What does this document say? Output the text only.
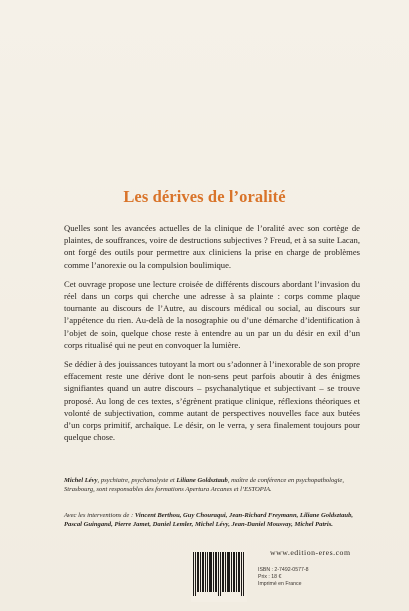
Les dérives de l’oralité

Quelles sont les avancées actuelles de la clinique de l’oralité avec son cortège de plaintes, de souffrances, voire de destructions subjectives ? Freud, et à sa suite Lacan, ont forgé des outils pour permettre aux cliniciens la prise en charge de problèmes comme l’anorexie ou la compulsion boulimique.

Cet ouvrage propose une lecture croisée de différents discours abordant l’invasion du réel dans un corps qui cherche une adresse à sa plainte : corps comme plaque tournante au discours de l’Autre, au discours médical ou social, au discours sur l’appétence du rien. Au-delà de la nosographie ou d’une démarche d’identification à l’objet de soin, quelque chose reste à entendre au un par un du désir en exil d’un corps ritualisé qui ne peut en convoquer la lumière.

Se dédier à des jouissances tutoyant la mort ou s’adonner à l’inexorable de son propre effacement reste une dérive dont le non-sens peut parfois aboutir à des énigmes signifiantes quand un autre discours – psychanalytique et subjectivant – se trouve proposé. Au long de ces textes, s’égrènent pratique clinique, réflexions théoriques et volonté de subjectivation, comme autant de perspectives nouvelles face aux butées d’un corps primitif, archaïque. Le désir, on le verra, y sera finalement toujours pour quelque chose.

Michel Lévy, psychiatre, psychanalyste et Liliane Goldsztaub, maître de conférence en psychopathologie, Strasbourg, sont responsables des formations Apertura Arcanes et l’ESTOPIA.

Avec les interventions de : Vincent Berthou, Guy Chouraqui, Jean-Richard Freymann, Liliane Goldsztaub, Pascal Guingand, Pierre Jamet, Daniel Lemler, Michel Lévy, Jean-Daniel Mousvay, Michel Patris.
www.edition-eres.com
ISBN : 2-7492-0577-8
Prix : 18 €
Imprimé en France
